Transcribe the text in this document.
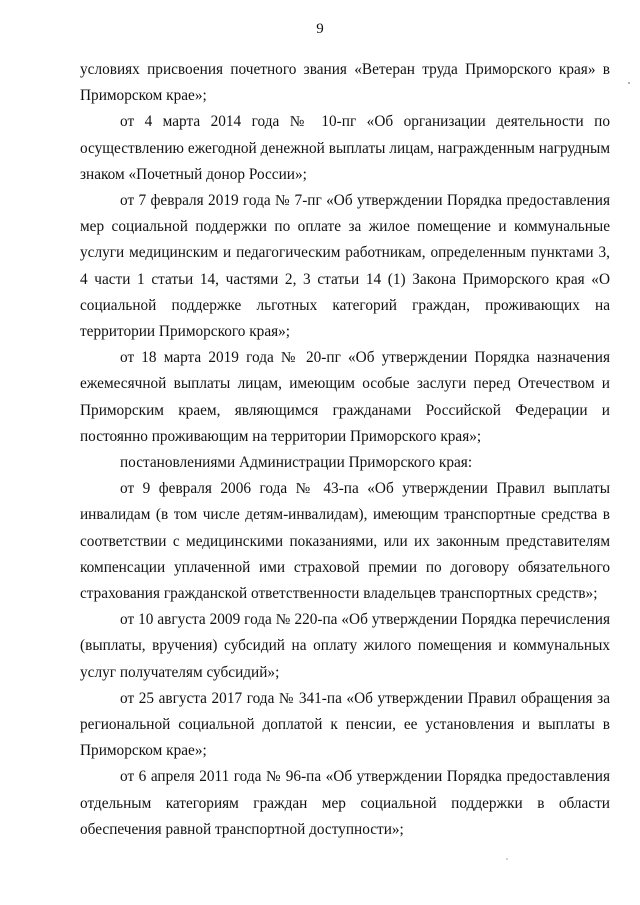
9

условиях присвоения почетного звания «Ветеран труда Приморского края» в Приморском крае»;

от 4 марта 2014 года № 10-пг «Об организации деятельности по осуществлению ежегодной денежной выплаты лицам, награжденным нагрудным знаком «Почетный донор России»;

от 7 февраля 2019 года № 7-пг «Об утверждении Порядка предоставления мер социальной поддержки по оплате за жилое помещение и коммунальные услуги медицинским и педагогическим работникам, определенным пунктами 3, 4 части 1 статьи 14, частями 2, 3 статьи 14 (1) Закона Приморского края «О социальной поддержке льготных категорий граждан, проживающих на территории Приморского края»;

от 18 марта 2019 года № 20-пг «Об утверждении Порядка назначения ежемесячной выплаты лицам, имеющим особые заслуги перед Отечеством и Приморским краем, являющимся гражданами Российской Федерации и постоянно проживающим на территории Приморского края»;

постановлениями Администрации Приморского края:

от 9 февраля 2006 года № 43-па «Об утверждении Правил выплаты инвалидам (в том числе детям-инвалидам), имеющим транспортные средства в соответствии с медицинскими показаниями, или их законным представителям компенсации уплаченной ими страховой премии по договору обязательного страхования гражданской ответственности владельцев транспортных средств»;

от 10 августа 2009 года № 220-па «Об утверждении Порядка перечисления (выплаты, вручения) субсидий на оплату жилого помещения и коммунальных услуг получателям субсидий»;

от 25 августа 2017 года № 341-па «Об утверждении Правил обращения за региональной социальной доплатой к пенсии, ее установления и выплаты в Приморском крае»;

от 6 апреля 2011 года № 96-па «Об утверждении Порядка предоставления отдельным категориям граждан мер социальной поддержки в области обеспечения равной транспортной доступности»;
